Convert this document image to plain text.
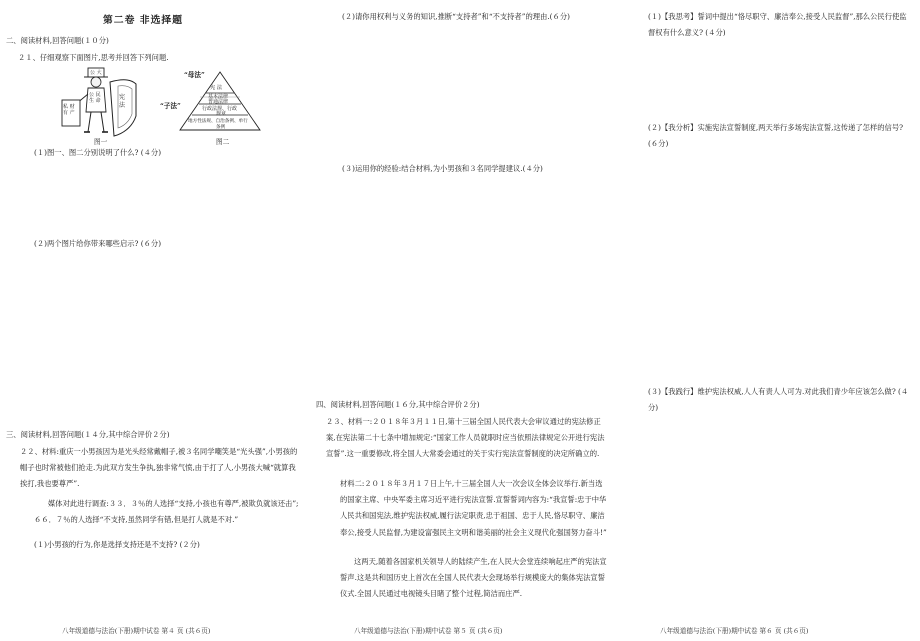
第二卷 非选择题
二、阅读材料,回答问题(１０分)
２１、仔细观察下面图片,思考并回答下列问题.
公 大
私 财 有 产
公 民 生 命	宪 法
图一
宪 法
基本法律
普通法律
行政法规、行政
规章
地方性法规、自治条例、单行
条例
“母法”
“子法”
图二
(１)图一、图二分别说明了什么? (４分)
(２)两个图片给你带来哪些启示? (６分)
三、阅读材料,回答问题(１４分,其中综合评价２分)
２２、材料:重庆一小男孩因为是光头经常戴帽子,被３名同学嘲笑是“光头强”,小男孩的帽子也时常被他们抢走.为此双方发生争执,独非常气愤,由于打了人,小男孩大喊“就算我挨打,我也要尊严”.
媒体对此进行调查:３３．３％的人选择“支持,小孩也有尊严,被欺负就该还击”;６６．７％的人选择“不支持,虽然同学有错,但是打人就是不对.”
(１)小男孩的行为,你是选择支持还是不支持? (２分)
八年级道德与法治(下册)期中试卷 第４ 页 (共６页)
(２)请你用权利与义务的知识,推断“支持者”和“不支持者”的理由.(６分)
(３)运用你的经验:结合材料,为小男孩和３名同学提建议.(４分)
四、阅读材料,回答问题(１６分,其中综合评价２分)
２３、材料一:２０１８年３月１１日,第十三届全国人民代表大会审议通过的宪法修正案,在宪法第二十七条中增加规定:“国家工作人员就职时应当依照法律规定公开进行宪法宣誓”.这一重要修改,将全国人大常委会通过的关于实行宪法宣誓制度的决定所确立的.
材料二:２０１８年３月１７日上午,十三届全国人大一次会议全体会议举行.新当选的国家主席、中央军委主席习近平进行宪法宣誓.宣誓誓词内容为:“我宣誓:忠于中华人民共和国宪法,维护宪法权威,履行法定职责,忠于祖国、忠于人民,恪尽职守、廉洁奉公,接受人民监督,为建设富强民主文明和谐美丽的社会主义现代化强国努力奋斗!”
这两天,随着各国家机关领导人的陆续产生,在人民大会堂连续响起庄严的宪法宣誓声.这是共和国历史上首次在全国人民代表大会现场举行规模庞大的集体宪法宣誓仪式.全国人民通过电视镜头目睹了整个过程,简洁而庄严.
八年级道德与法治(下册)期中试卷 第５ 页 (共６页)
(１)【我思考】誓词中提出“恪尽职守、廉洁奉公,接受人民监督”,那么公民行使监督权有什么意义? (４分)
(２)【我分析】实施宪法宣誓制度,两天举行多场宪法宣誓,这传递了怎样的信号? (６分)
(３)【我践行】维护宪法权威,人人有责人人可为.对此我们青少年应该怎么做? (４分)
八年级道德与法治(下册)期中试卷 第６ 页 (共６页)
